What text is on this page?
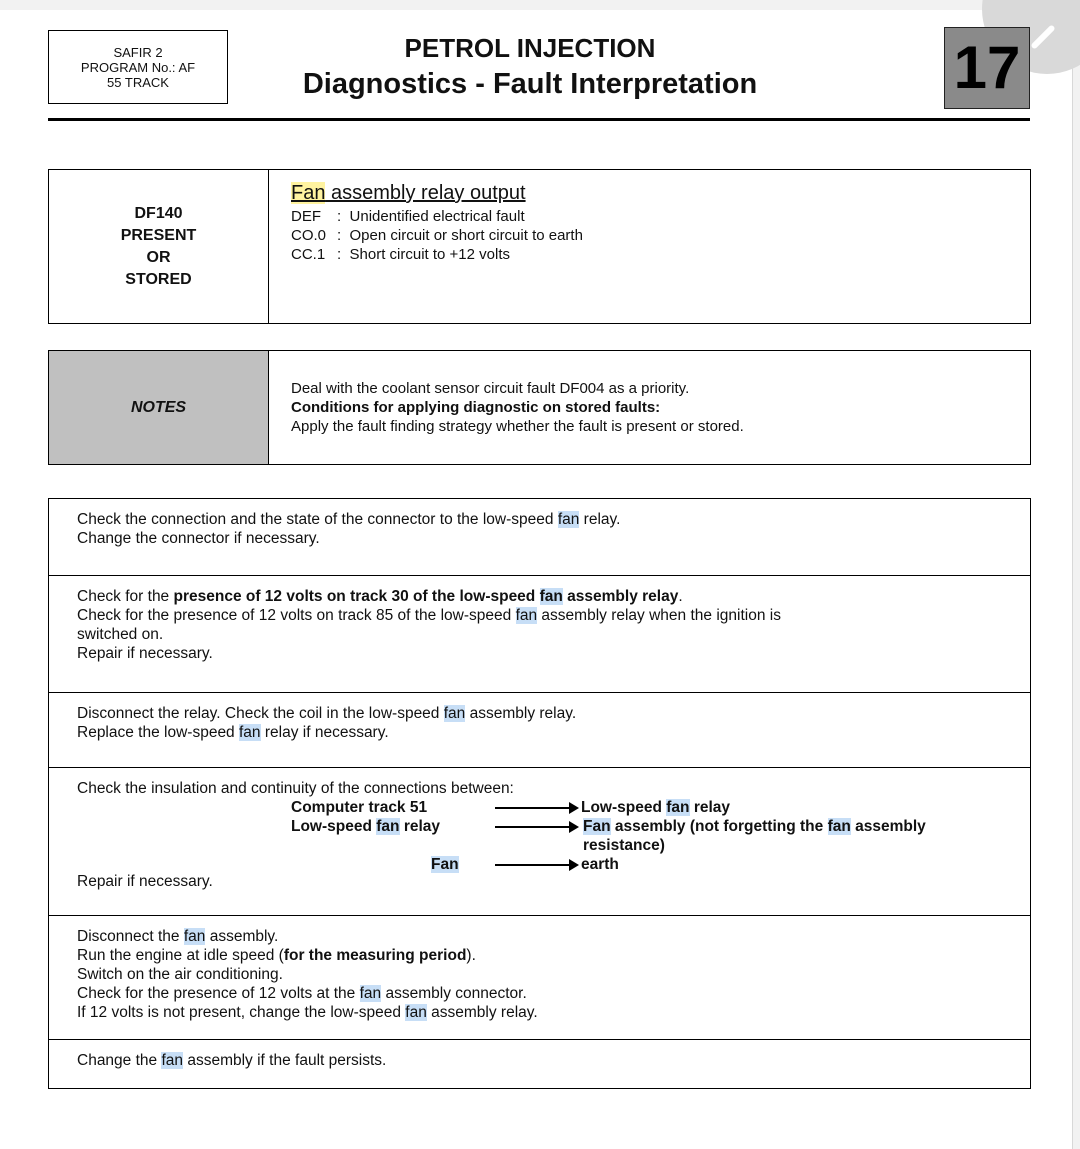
SAFIR 2
PROGRAM No.: AF
55 TRACK
PETROL INJECTION
Diagnostics - Fault Interpretation	17
DF140
PRESENT
OR
STORED
Fan assembly relay output
DEF	: Unidentified electrical fault
CO.0 : Open circuit or short circuit to earth
CC.1 : Short circuit to +12 volts
NOTES
Deal with the coolant sensor circuit fault DF004 as a priority.
Conditions for applying diagnostic on stored faults:
Apply the fault finding strategy whether the fault is present or stored.
Check the connection and the state of the connector to the low-speed fan relay.
Change the connector if necessary.
Check for the presence of 12 volts on track 30 of the low-speed fan assembly relay.
Check for the presence of 12 volts on track 85 of the low-speed fan assembly relay when the ignition is
switched on.
Repair if necessary.
Disconnect the relay. Check the coil in the low-speed fan assembly relay.
Replace the low-speed fan relay if necessary.
Check the insulation and continuity of the connections between:
Computer track 51	Low-speed fan relay
Low-speed fan relay	Fan assembly (not forgetting the fan assembly
resistance)
Fan	earth
Repair if necessary.
Disconnect the fan assembly.
Run the engine at idle speed (for the measuring period).
Switch on the air conditioning.
Check for the presence of 12 volts at the fan assembly connector.
If 12 volts is not present, change the low-speed fan assembly relay.
Change the fan assembly if the fault persists.
